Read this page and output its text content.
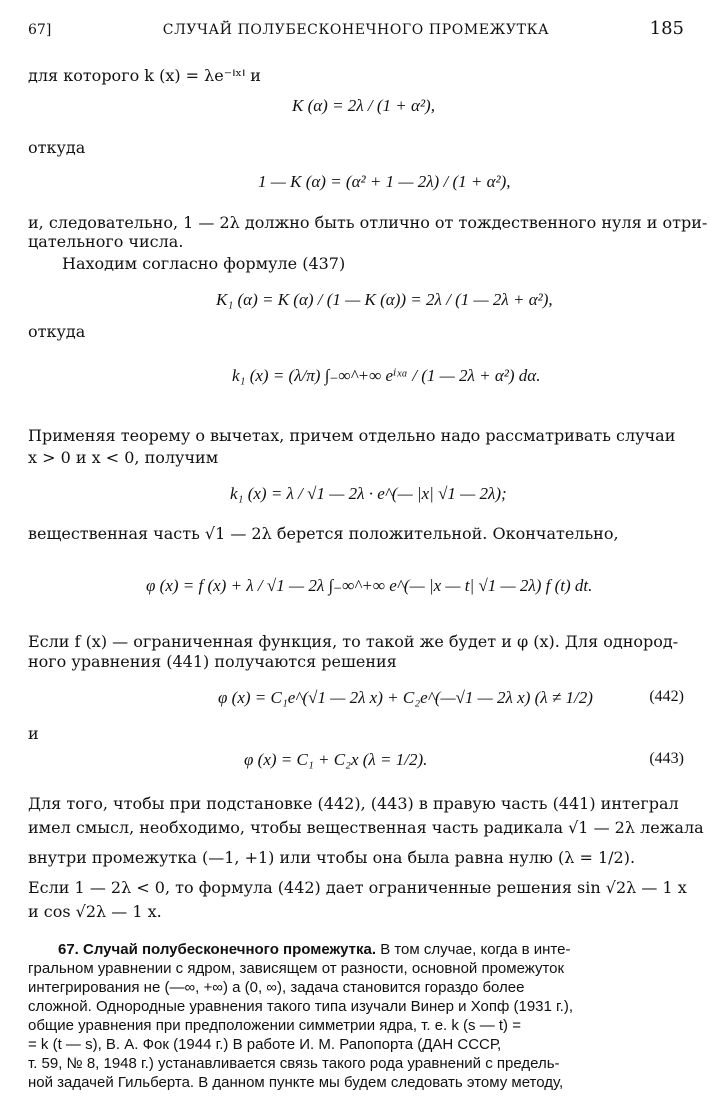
67]	СЛУЧАЙ ПОЛУБЕСКОНЕЧНОГО ПРОМЕЖУТКА	185
для которого k (x) = λe⁻ᑊˣᑊ и
K (α) = 2λ / (1 + α²),
откуда
1 — K (α) = (α² + 1 — 2λ) / (1 + α²),
и, следовательно, 1 — 2λ должно быть отлично от тождественного нуля и отри-
цательного числа.
Находим согласно формуле (437)
K₁ (α) = K (α) / (1 — K (α)) = 2λ / (1 — 2λ + α²),
откуда
k₁ (x) = (λ/π) ∫₋∞^+∞ eⁱˣᵅ / (1 — 2λ + α²) dα.
Применяя теорему о вычетах, причем отдельно надо рассматривать случаи
x > 0 и x < 0, получим
k₁ (x) = λ / √1 — 2λ · e^(— |x| √1 — 2λ);
вещественная часть √1 — 2λ берется положительной. Окончательно,
φ (x) = f (x) + λ / √1 — 2λ ∫₋∞^+∞ e^(— |x — t| √1 — 2λ) f (t) dt.
Если f (x) — ограниченная функция, то такой же будет и φ (x). Для однород-
ного уравнения (441) получаются решения
φ (x) = C₁e^(√1 — 2λ x) + C₂e^(—√1 — 2λ x) (λ ≠ 1/2)	(442)
и
φ (x) = C₁ + C₂x (λ = 1/2).	(443)
Для того, чтобы при подстановке (442), (443) в правую часть (441) интеграл
имел смысл, необходимо, чтобы вещественная часть радикала √1 — 2λ лежала
внутри промежутка (—1, +1) или чтобы она была равна нулю (λ = 1/2).
Если 1 — 2λ < 0, то формула (442) дает ограниченные решения sin √2λ — 1 x
и cos √2λ — 1 x.
67. Случай полубесконечного промежутка. В том случае, когда в инте-
гральном уравнении с ядром, зависящем от разности, основной промежуток
интегрирования не (—∞, +∞) а (0, ∞), задача становится гораздо более
сложной. Однородные уравнения такого типа изучали Винер и Хопф (1931 г.),
общие уравнения при предположении симметрии ядра, т. е. k (s — t) =
= k (t — s), В. А. Фок (1944 г.) В работе И. М. Рапопорта (ДАН СССР,
т. 59, № 8, 1948 г.) устанавливается связь такого рода уравнений с предель-
ной задачей Гильберта. В данном пункте мы будем следовать этому методу,
